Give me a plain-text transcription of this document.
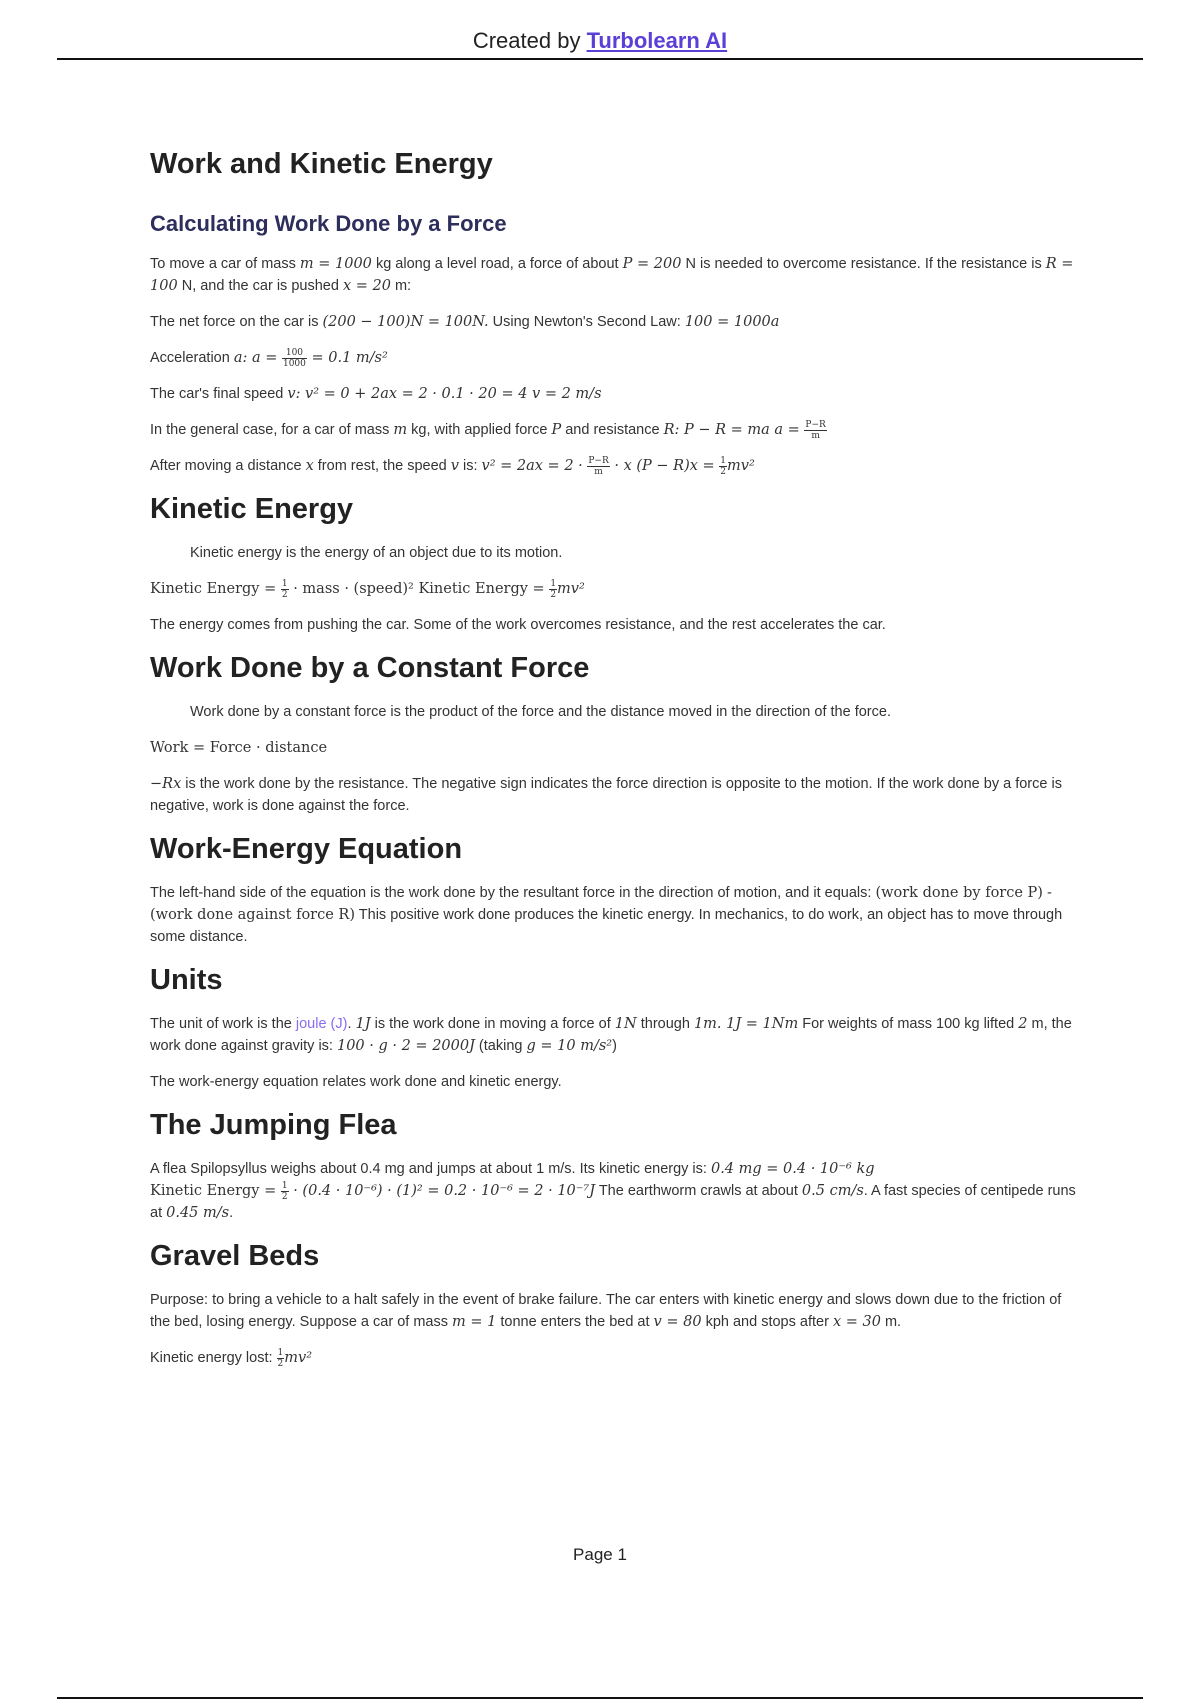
Created by Turbolearn AI
Work and Kinetic Energy
Calculating Work Done by a Force

To move a car of mass m = 1000 kg along a level road, a force of about P = 200 N is needed to overcome resistance. If the resistance is R = 100 N, and the car is pushed x = 20 m:

The net force on the car is (200 − 100)N = 100N. Using Newton's Second Law: 100 = 1000a

Acceleration a: $a = \frac{100}{1000} = 0.1$ m/s²

The car's final speed v: v² = 0 + 2ax = 2 · 0.1 · 20 = 4 v = 2 m/s

In the general case, for a car of mass m kg, with applied force P and resistance R: P − R = ma $a = \frac{P-R}{m}$

After moving a distance x from rest, the speed v is: $v^2 = 2ax = 2 \cdot \frac{P-R}{m} \cdot x$ $(P - R)x = \frac{1}{2} mv^2$

Kinetic Energy

Kinetic energy is the energy of an object due to its motion.

Kinetic Energy = $\frac{1}{2}$ · mass · (speed)² Kinetic Energy = $\frac{1}{2} mv^2$

The energy comes from pushing the car. Some of the work overcomes resistance, and the rest accelerates the car.

Work Done by a Constant Force

Work done by a constant force is the product of the force and the distance moved in the direction of the force.

Work = Force · distance

−Rx is the work done by the resistance. The negative sign indicates the force direction is opposite to the motion. If the work done by a force is negative, work is done against the force.

Work-Energy Equation

The left-hand side of the equation is the work done by the resultant force in the direction of motion, and it equals: (work done by force P) - (work done against force R) This positive work done produces the kinetic energy. In mechanics, to do work, an object has to move through some distance.

Units

The unit of work is the joule (J). 1J is the work done in moving a force of 1N through 1m. 1J = 1Nm For weights of mass 100 kg lifted 2 m, the work done against gravity is: 100 · g · 2 = 2000J (taking g = 10 m/s²)

The work-energy equation relates work done and kinetic energy.

The Jumping Flea

A flea Spilopsyllus weighs about 0.4 mg and jumps at about 1 m/s. Its kinetic energy is: 0.4 mg = 0.4 · 10⁻⁶ kg
Kinetic Energy = $\frac{1}{2} \cdot (0.4 \cdot 10^{-6}) \cdot (1)^2 = 0.2 \cdot 10^{-6} = 2 \cdot 10^{-7}J$ The earthworm crawls at about 0.5 cm/s. A fast species of centipede runs at 0.45 m/s.

Gravel Beds

Purpose: to bring a vehicle to a halt safely in the event of brake failure. The car enters with kinetic energy and slows down due to the friction of the bed, losing energy. Suppose a car of mass m = 1 tonne enters the bed at v = 80 kph and stops after x = 30 m.

Kinetic energy lost: $\frac{1}{2} mv^2$

Page 1
